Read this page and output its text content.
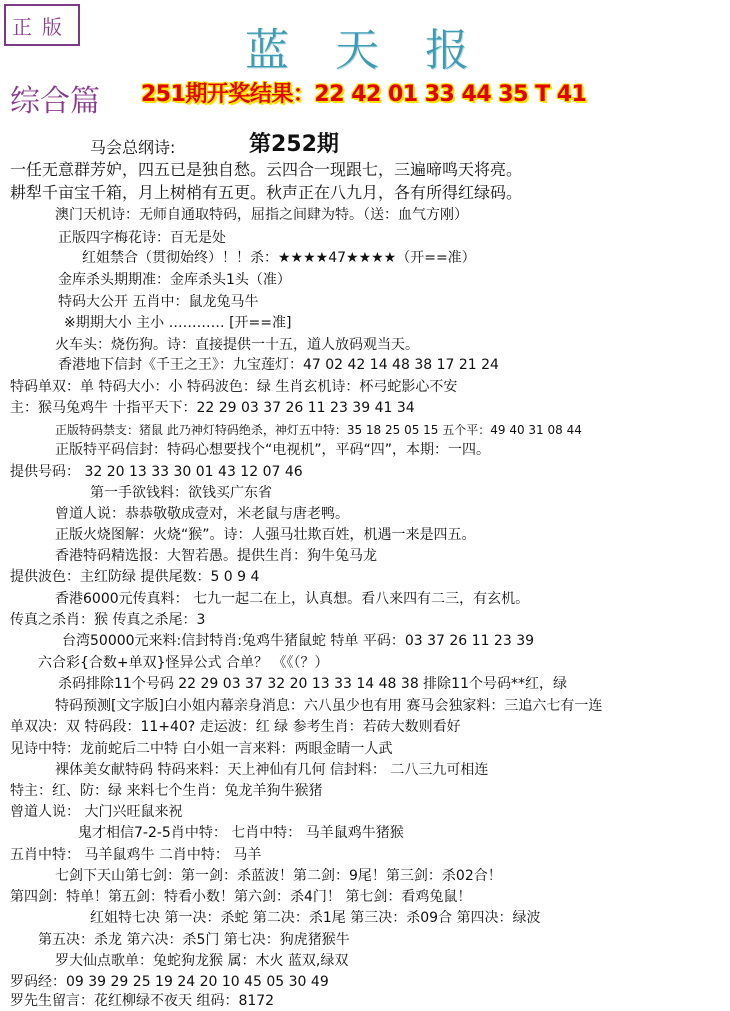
正版	蓝天报
综合篇 251期开奖结果：22 42 01 33 44 35 T 41
第252期
马会总纲诗:
一任无意群芳妒，四五已是独自愁。云四合一现跟七，三遍啼鸣天将亮。
耕犁千亩宝千箱，月上树梢有五更。秋声正在八九月，各有所得红绿码。
澳门天机诗：无师自通取特码，屈指之间肆为特。（送：血气方刚）
正版四字梅花诗：百无是处
红姐禁合（贯彻始终）！！杀：★★★★47★★★★（开==准）
金库杀头期期准：金库杀头1头（准）
特码大公开 五肖中：鼠龙兔马牛
※期期大小 主小 ………… [开==准]
火车头：烧伤狗。诗：直接提供一十五，道人放码观当天。
香港地下信封《千王之王》：九宝莲灯：47 02 42 14 48 38 17 21 24
特码单双：单 特码大小：小 特码波色：绿 生肖玄机诗：杯弓蛇影心不安
主：猴马兔鸡牛 十指平天下：22 29 03 37 26 11 23 39 41 34
正版特码禁支：猪鼠 此乃神灯特码绝杀，神灯五中特：35 18 25 05 15 五个平：49 40 31 08 44
正版特平码信封：特码心想要找个“电视机”，平码“四”，本期：一四。
提供号码： 32 20 13 33 30 01 43 12 07 46
第一手欲钱料：欲钱买广东省
曾道人说：恭恭敬敬成壹对，米老鼠与唐老鸭。
正版火烧图解：火烧“猴”。诗：人强马壮欺百姓，机遇一来是四五。
香港特码精选报：大智若愚。提供生肖：狗牛兔马龙
提供波色：主红防绿 提供尾数：5 0 9 4
香港6000元传真料： 七九一起二在上，认真想。看八来四有二三，有玄机。
传真之杀肖：猴 传真之杀尾：3
台湾50000元来料:信封特肖:兔鸡牛猪鼠蛇 特单 平码：03 37 26 11 23 39
六合彩{合数+单双}怪异公式 合单？ 《《（？）
杀码排除11个号码 22 29 03 37 32 20 13 33 14 48 38 排除11个号码**红，绿
特码预测[文字版]白小姐内幕亲身消息：六八虽少也有用 赛马会独家料：三追六七有一连
单双决：双 特码段：11+40? 走运波：红 绿 参考生肖：若砖大数则看好
见诗中特：龙前蛇后二中特 白小姐一言来料：两眼金睛一人武
裸体美女献特码 特码来料：天上神仙有几何 信封料： 二八三九可相连
特主：红、防：绿 来料七个生肖：兔龙羊狗牛猴猪
曾道人说： 大门兴旺鼠来祝
鬼才相信7-2-5肖中特： 七肖中特： 马羊鼠鸡牛猪猴
五肖中特： 马羊鼠鸡牛 二肖中特： 马羊
七剑下天山第七剑：第一剑：杀蓝波！第二剑：9尾！第三剑：杀02合！
第四剑：特单！第五剑：特看小数！第六剑：杀4门！ 第七剑：看鸡兔鼠！
红姐特七决 第一决：杀蛇 第二决：杀1尾 第三决：杀09合 第四决：绿波
第五决：杀龙 第六决：杀5门 第七决：狗虎猪猴牛
罗大仙点歌单：兔蛇狗龙猴 属：木火 蓝双,绿双
罗码经：09 39 29 25 19 24 20 10 45 05 30 49
罗先生留言：花红柳绿不夜天 组码：8172
